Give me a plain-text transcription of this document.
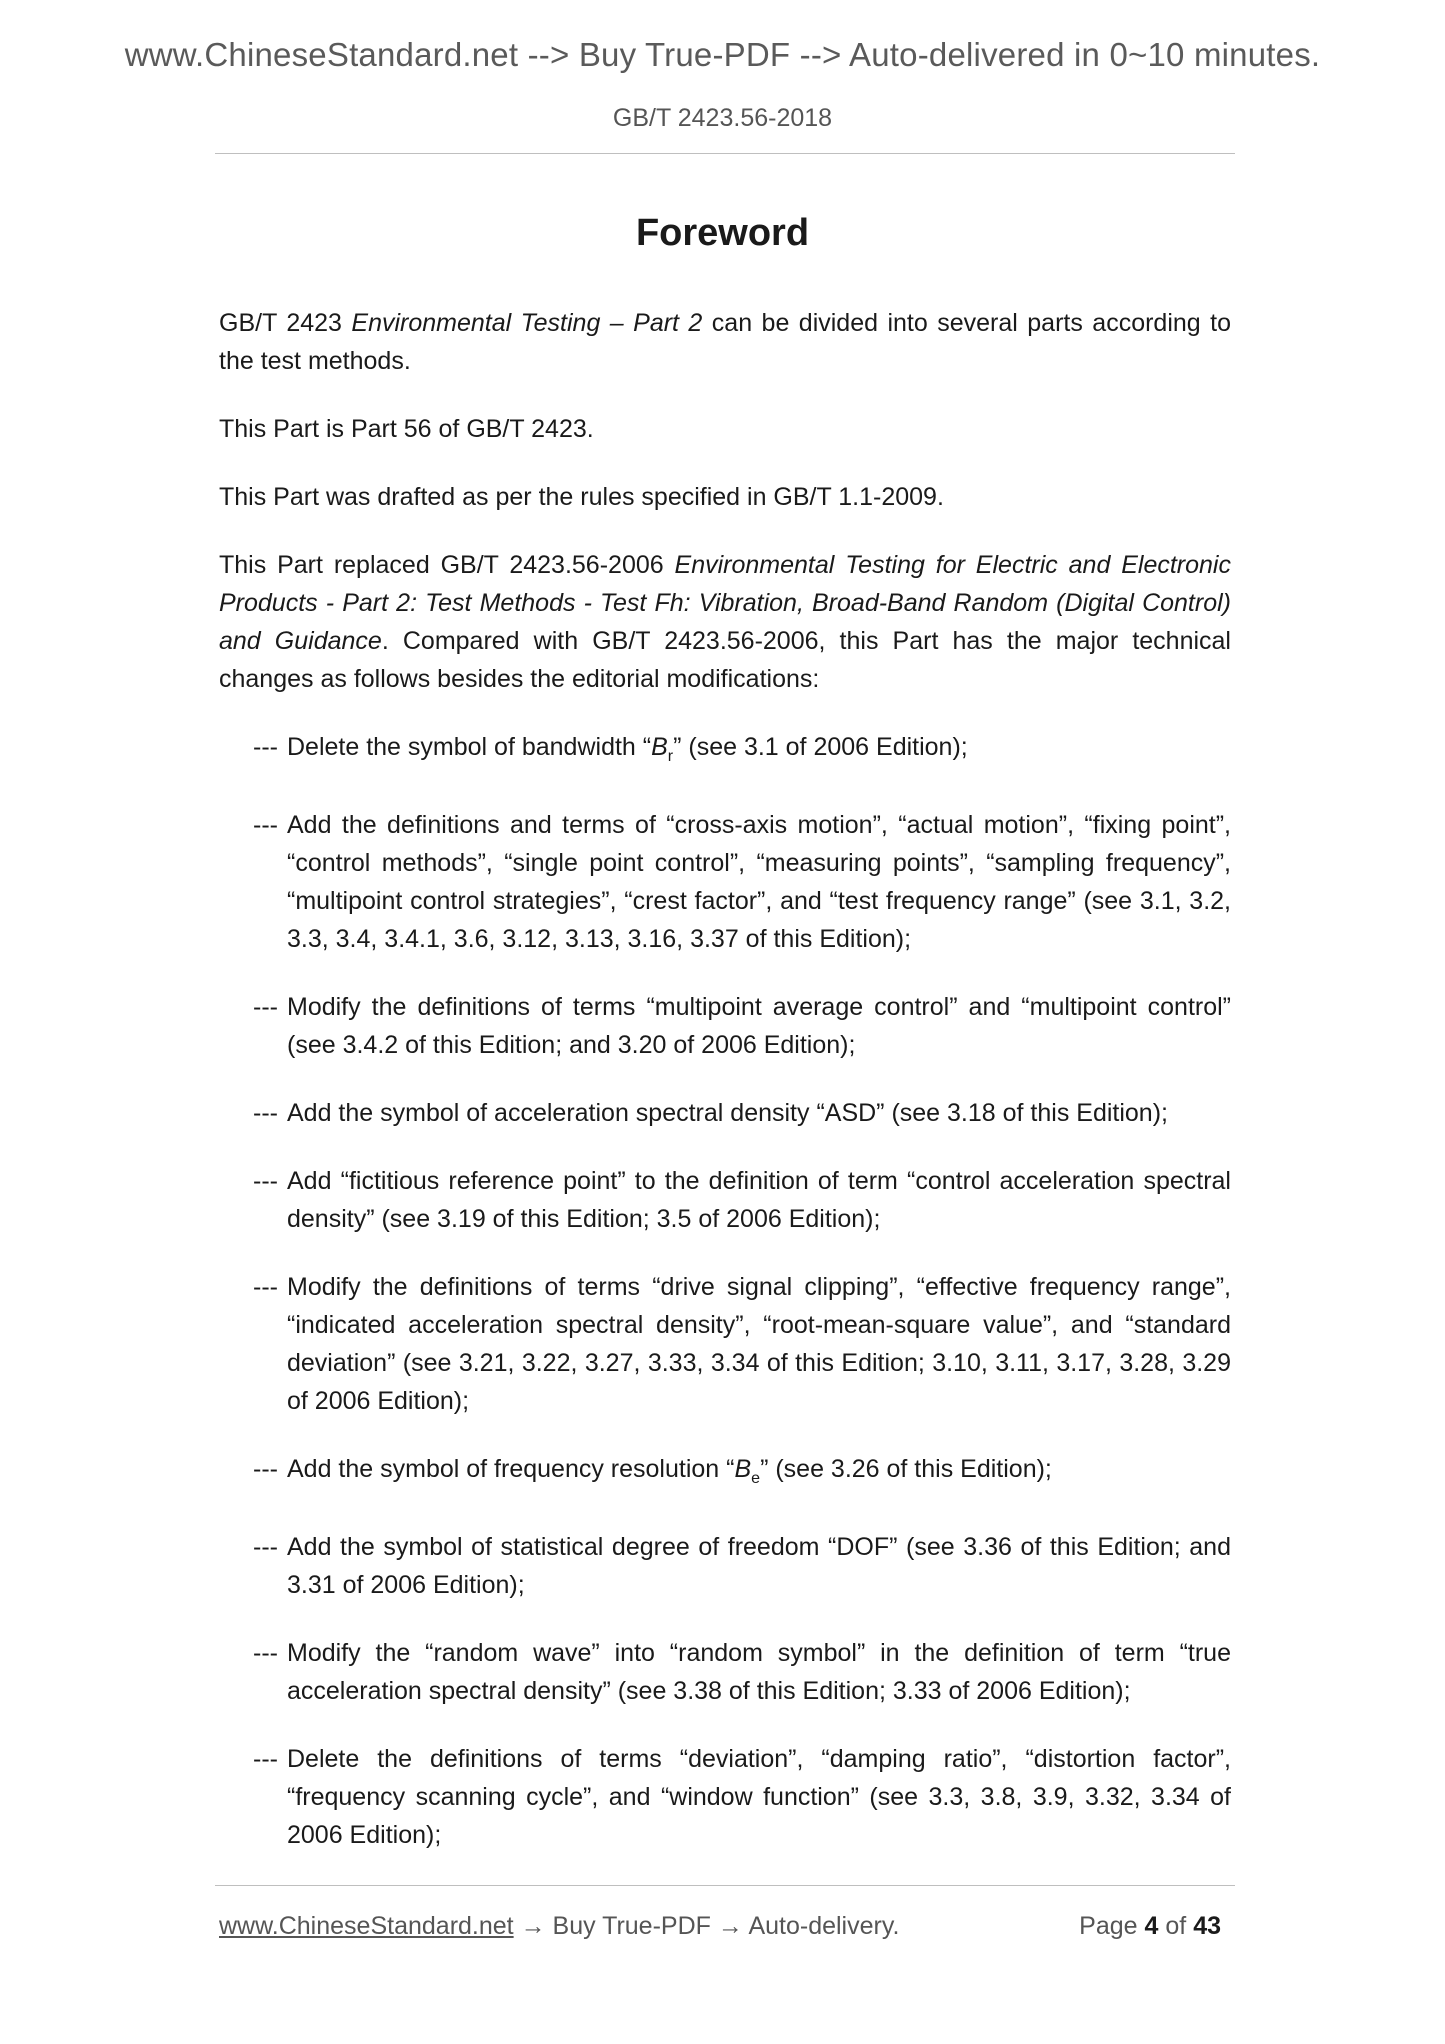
www.ChineseStandard.net --> Buy True-PDF --> Auto-delivered in 0~10 minutes.
GB/T 2423.56-2018
Foreword

GB/T 2423 Environmental Testing – Part 2 can be divided into several parts according to the test methods.

This Part is Part 56 of GB/T 2423.

This Part was drafted as per the rules specified in GB/T 1.1-2009.

This Part replaced GB/T 2423.56-2006 Environmental Testing for Electric and Electronic Products - Part 2: Test Methods - Test Fh: Vibration, Broad-Band Random (Digital Control) and Guidance. Compared with GB/T 2423.56-2006, this Part has the major technical changes as follows besides the editorial modifications:

--- Delete the symbol of bandwidth “$B_r$” (see 3.1 of 2006 Edition);
--- Add the definitions and terms of “cross-axis motion”, “actual motion”, “fixing point”, “control methods”, “single point control”, “measuring points”, “sampling frequency”, “multipoint control strategies”, “crest factor”, and “test frequency range” (see 3.1, 3.2, 3.3, 3.4, 3.4.1, 3.6, 3.12, 3.13, 3.16, 3.37 of this Edition);
--- Modify the definitions of terms “multipoint average control” and “multipoint control” (see 3.4.2 of this Edition; and 3.20 of 2006 Edition);
--- Add the symbol of acceleration spectral density “ASD” (see 3.18 of this Edition);
--- Add “fictitious reference point” to the definition of term “control acceleration spectral density” (see 3.19 of this Edition; 3.5 of 2006 Edition);
--- Modify the definitions of terms “drive signal clipping”, “effective frequency range”, “indicated acceleration spectral density”, “root-mean-square value”, and “standard deviation” (see 3.21, 3.22, 3.27, 3.33, 3.34 of this Edition; 3.10, 3.11, 3.17, 3.28, 3.29 of 2006 Edition);
--- Add the symbol of frequency resolution “$B_e$” (see 3.26 of this Edition);
--- Add the symbol of statistical degree of freedom “DOF” (see 3.36 of this Edition; and 3.31 of 2006 Edition);
--- Modify the “random wave” into “random symbol” in the definition of term “true acceleration spectral density” (see 3.38 of this Edition; 3.33 of 2006 Edition);
--- Delete the definitions of terms “deviation”, “damping ratio”, “distortion factor”, “frequency scanning cycle”, and “window function” (see 3.3, 3.8, 3.9, 3.32, 3.34 of 2006 Edition);
www.ChineseStandard.net → Buy True-PDF → Auto-delivery.	Page 4 of 43
